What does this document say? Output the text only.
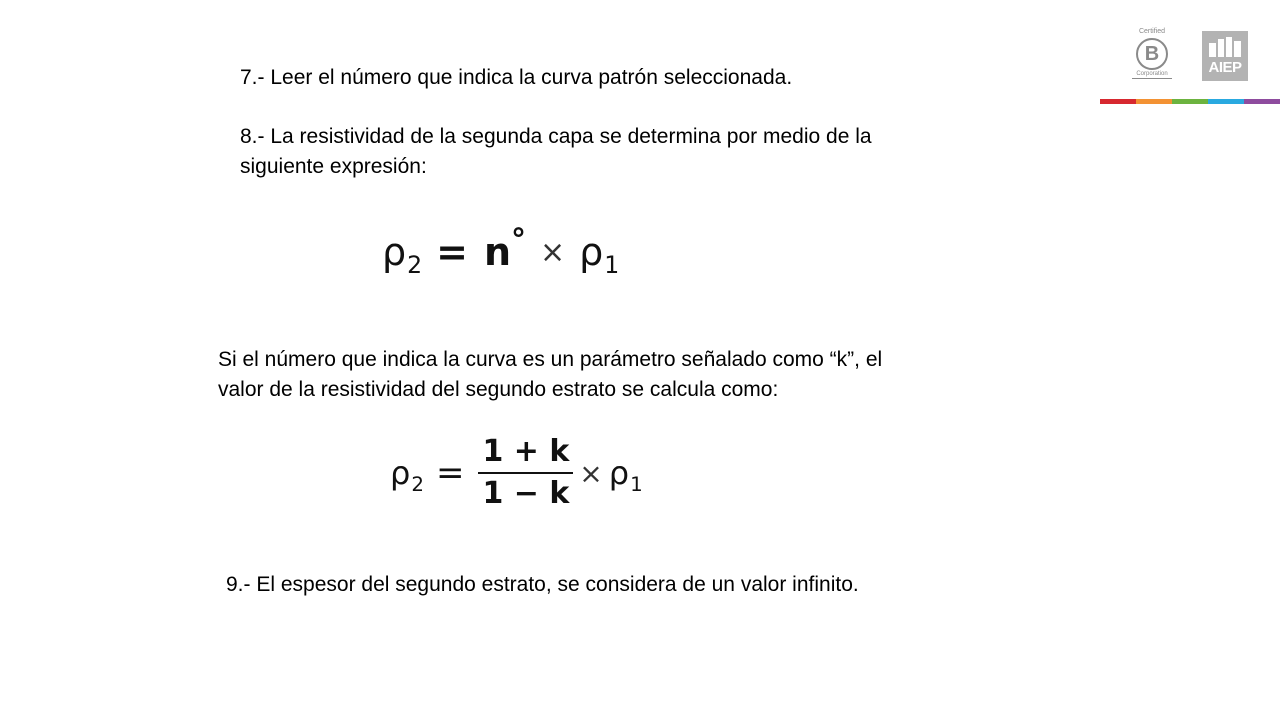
7.- Leer el número que indica la curva patrón seleccionada.

8.- La resistividad de la segunda capa se determina por medio de la
siguiente expresión:
$\rho_2 = n$ ° × $\rho_1$
Si el número que indica la curva es un parámetro señalado como “k”, el
valor de la resistividad del segundo estrato se calcula como:
$\rho_2 = \frac{1 + k}{1 - k} \times \rho_1$

9.- El espesor del segundo estrato, se considera de un valor infinito.

Certified
B
Corporation	AIEP
